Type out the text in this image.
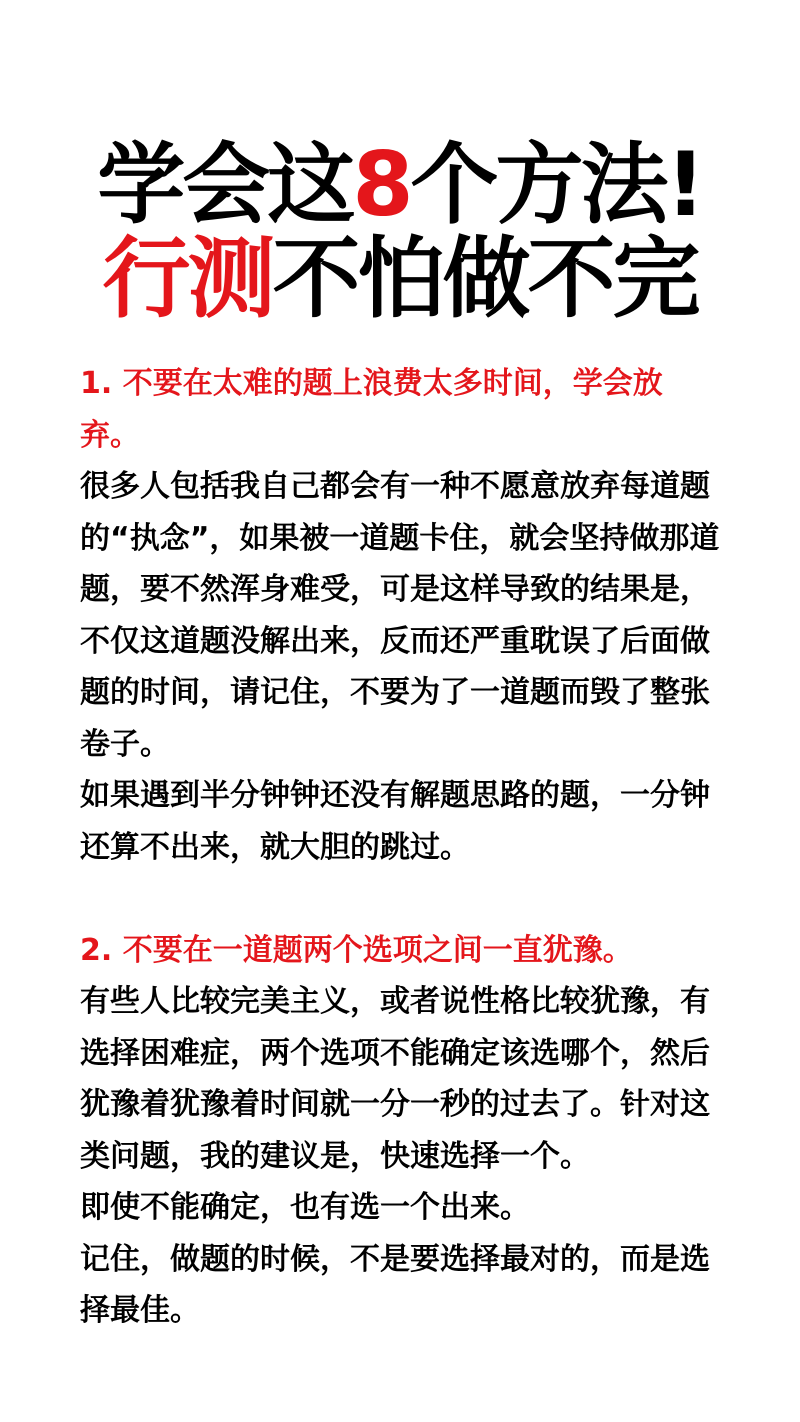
学会这8个方法!
行测不怕做不完

1. 不要在太难的题上浪费太多时间，学会放弃。

很多人包括我自己都会有一种不愿意放弃每道题的“执念”，如果被一道题卡住，就会坚持做那道题，要不然浑身难受，可是这样导致的结果是，不仅这道题没解出来，反而还严重耽误了后面做题的时间，请记住，不要为了一道题而毁了整张卷子。

如果遇到半分钟钟还没有解题思路的题，一分钟还算不出来，就大胆的跳过。

2. 不要在一道题两个选项之间一直犹豫。

有些人比较完美主义，或者说性格比较犹豫，有选择困难症，两个选项不能确定该选哪个，然后犹豫着犹豫着时间就一分一秒的过去了。针对这类问题，我的建议是，快速选择一个。

即使不能确定，也有选一个出来。

记住，做题的时候，不是要选择最对的，而是选择最佳。
